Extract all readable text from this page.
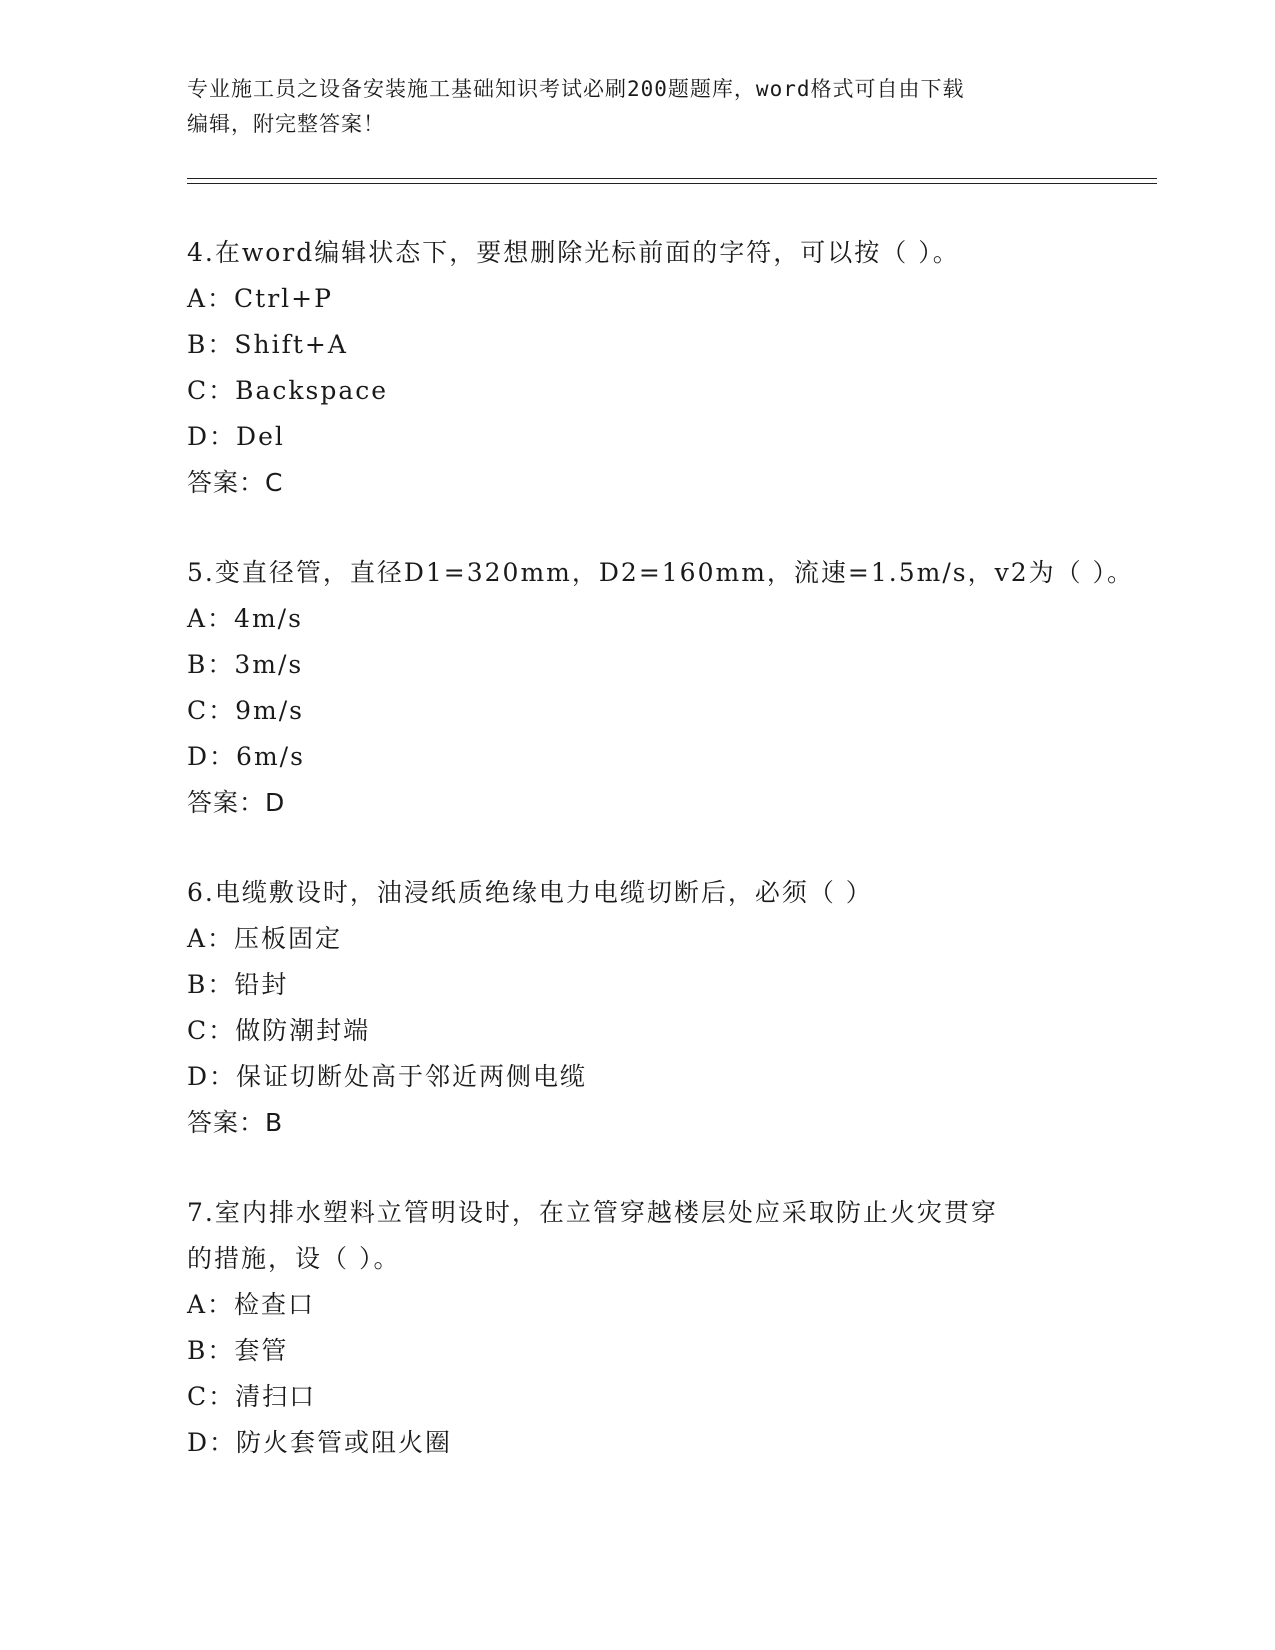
专业施工员之设备安装施工基础知识考试必刷200题题库，word格式可自由下载
编辑，附完整答案！
4.在word编辑状态下，要想删除光标前面的字符，可以按（ ）。
A：Ctrl+P
B：Shift+A
C：Backspace
D：Del
答案：C
5.变直径管，直径D1=320mm，D2=160mm，流速=1.5m/s，v2为（ ）。
A：4m/s
B：3m/s
C：9m/s
D：6m/s
答案：D
6.电缆敷设时，油浸纸质绝缘电力电缆切断后，必须（ ）
A：压板固定
B：铅封
C：做防潮封端
D：保证切断处高于邻近两侧电缆
答案：B
7.室内排水塑料立管明设时，在立管穿越楼层处应采取防止火灾贯穿
的措施，设（ ）。
A：检查口
B：套管
C：清扫口
D：防火套管或阻火圈
